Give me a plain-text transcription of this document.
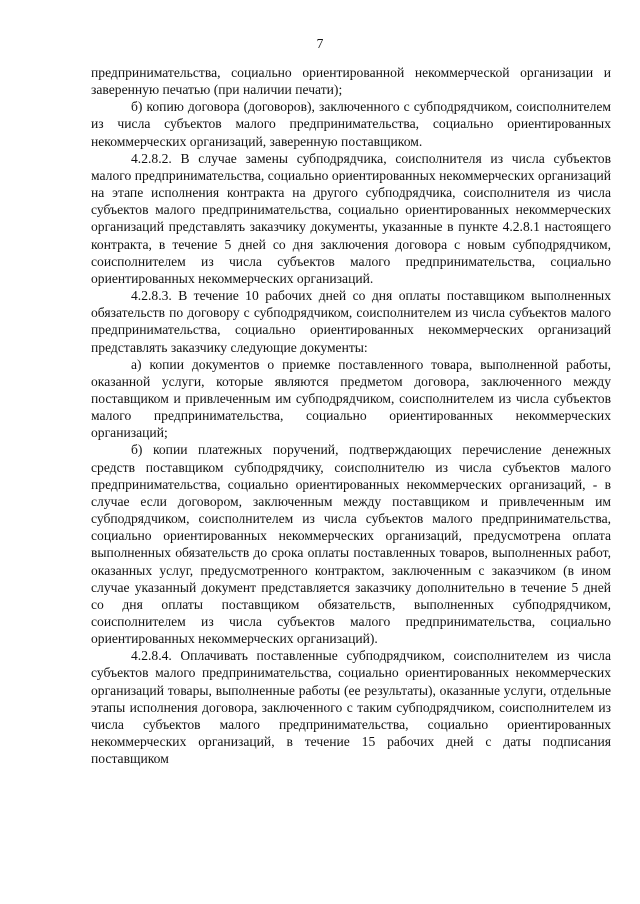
7

предпринимательства, социально ориентированной некоммерческой организации и заверенную печатью (при наличии печати);

б) копию договора (договоров), заключенного с субподрядчиком, соисполнителем из числа субъектов малого предпринимательства, социально ориентированных некоммерческих организаций, заверенную поставщиком.

4.2.8.2. В случае замены субподрядчика, соисполнителя из числа субъектов малого предпринимательства, социально ориентированных некоммерческих организаций на этапе исполнения контракта на другого субподрядчика, соисполнителя из числа субъектов малого предпринимательства, социально ориентированных некоммерческих организаций представлять заказчику документы, указанные в пункте 4.2.8.1 настоящего контракта, в течение 5 дней со дня заключения договора с новым субподрядчиком, соисполнителем из числа субъектов малого предпринимательства, социально ориентированных некоммерческих организаций.

4.2.8.3. В течение 10 рабочих дней со дня оплаты поставщиком выполненных обязательств по договору с субподрядчиком, соисполнителем из числа субъектов малого предпринимательства, социально ориентированных некоммерческих организаций представлять заказчику следующие документы:

а) копии документов о приемке поставленного товара, выполненной работы, оказанной услуги, которые являются предметом договора, заключенного между поставщиком и привлеченным им субподрядчиком, соисполнителем из числа субъектов малого предпринимательства, социально ориентированных некоммерческих организаций;

б) копии платежных поручений, подтверждающих перечисление денежных средств поставщиком субподрядчику, соисполнителю из числа субъектов малого предпринимательства, социально ориентированных некоммерческих организаций, - в случае если договором, заключенным между поставщиком и привлеченным им субподрядчиком, соисполнителем из числа субъектов малого предпринимательства, социально ориентированных некоммерческих организаций, предусмотрена оплата выполненных обязательств до срока оплаты поставленных товаров, выполненных работ, оказанных услуг, предусмотренного контрактом, заключенным с заказчиком (в ином случае указанный документ представляется заказчику дополнительно в течение 5 дней со дня оплаты поставщиком обязательств, выполненных субподрядчиком, соисполнителем из числа субъектов малого предпринимательства, социально ориентированных некоммерческих организаций).

4.2.8.4. Оплачивать поставленные субподрядчиком, соисполнителем из числа субъектов малого предпринимательства, социально ориентированных некоммерческих организаций товары, выполненные работы (ее результаты), оказанные услуги, отдельные этапы исполнения договора, заключенного с таким субподрядчиком, соисполнителем из числа субъектов малого предпринимательства, социально ориентированных некоммерческих организаций, в течение 15 рабочих дней с даты подписания поставщиком
